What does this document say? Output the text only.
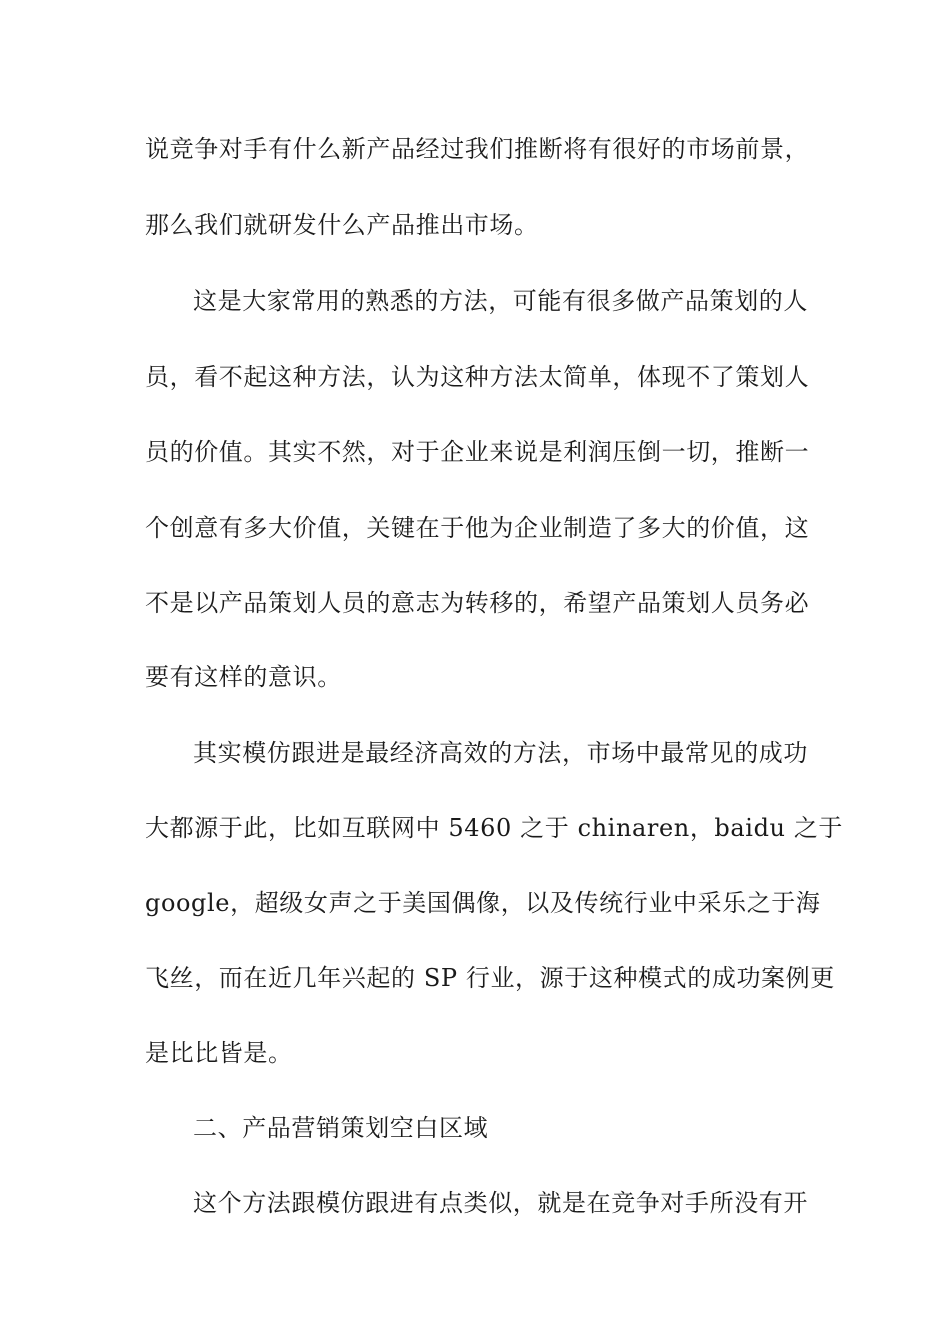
说竞争对手有什么新产品经过我们推断将有很好的市场前景，
那么我们就研发什么产品推出市场。
这是大家常用的熟悉的方法，可能有很多做产品策划的人
员，看不起这种方法，认为这种方法太简单，体现不了策划人
员的价值。其实不然，对于企业来说是利润压倒一切，推断一
个创意有多大价值，关键在于他为企业制造了多大的价值，这
不是以产品策划人员的意志为转移的，希望产品策划人员务必
要有这样的意识。
其实模仿跟进是最经济高效的方法，市场中最常见的成功
大都源于此，比如互联网中 5460 之于 chinaren，baidu 之于
google，超级女声之于美国偶像，以及传统行业中采乐之于海
飞丝，而在近几年兴起的 SP 行业，源于这种模式的成功案例更
是比比皆是。
二、产品营销策划空白区域
这个方法跟模仿跟进有点类似，就是在竞争对手所没有开
